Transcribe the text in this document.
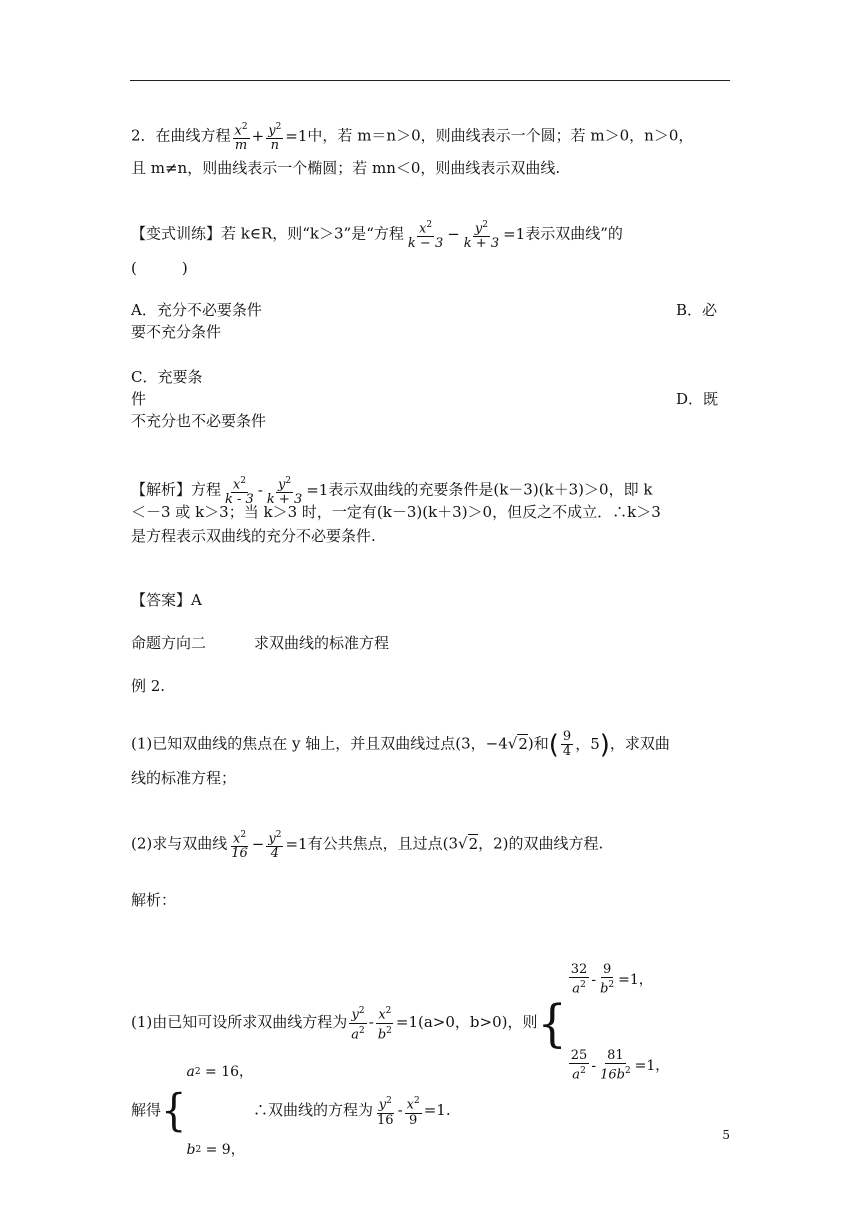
2．在曲线方程 $\frac{x^2}{m} + \frac{y^2}{n} =1$中，若 m＝n＞0，则曲线表示一个圆；若 m＞0，n＞0，
且 m≠n，则曲线表示一个椭圆；若 mn＜0，则曲线表示双曲线.
【变式训练】若 k∈R，则“k＞3”是“方程 $\frac{x^2}{k - 3} - \frac{y^2}{k + 3} =1$表示双曲线”的
(　　　)
A．充分不必要条件	B．必
要不充分条件
C．充要条
件	D．既
不充分也不必要条件
【解析】方程 $\frac{x^2}{k - 3} - \frac{y^2}{k + 3} =1$表示双曲线的充要条件是(k－3)(k＋3)＞0，即 k
＜－3 或 k＞3；当 k＞3 时，一定有(k－3)(k＋3)＞0，但反之不成立．∴k＞3
是方程表示双曲线的充分不必要条件.
【答案】A
命题方向二	求双曲线的标准方程
例 2.
(1)已知双曲线的焦点在 y 轴上，并且双曲线过点(3，−4√2)和( $\frac{9}{4}$ ，5)，求双曲
线的标准方程；
(2)求与双曲线 $\frac{x^2}{16} - \frac{y^2}{4} =1$有公共焦点，且过点(3√2，2)的双曲线方程.
解析：
(1)由已知可设所求双曲线方程为 $\frac{y^2}{a^2} - \frac{x^2}{b^2} =1(a>0$，b>0)，则{
$\frac{32}{a^2} - \frac{9}{b^2} =1$，
$\frac{25}{a^2} - \frac{81}{16b^2} =1$，
解得{
a 2 = 16，
b 2 = 9，
∴双曲线的方程为 $\frac{y^2}{16} - \frac{x^2}{9} =1$.
5
